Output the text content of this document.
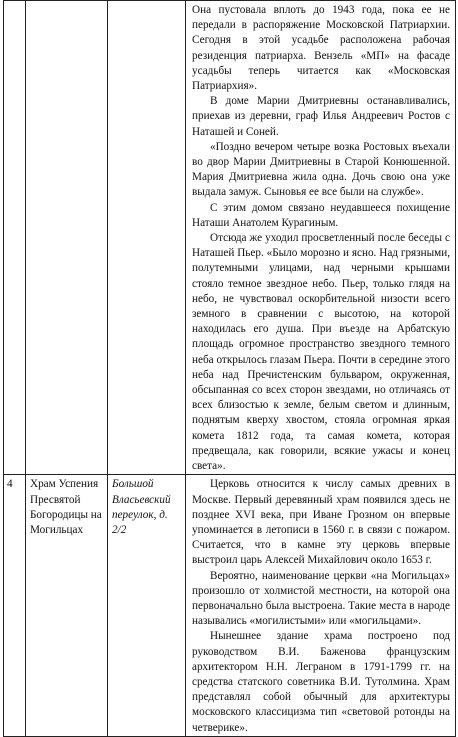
			Она пустовала вплоть до 1943 года, пока ее не передали в распоряжение Московской Патриархии. Сегодня в этой усадьбе расположена рабочая резиденция патриарха. Вензель «МП» на фасаде усадьбы теперь читается как «Московская Патриархия».

В доме Марии Дмитриевны останавливались, приехав из деревни, граф Илья Андреевич Ростов с Наташей и Соней.

«Поздно вечером четыре возка Ростовых въехали во двор Марии Дмитриевны в Старой Конюшенной. Мария Дмитриевна жила одна. Дочь свою она уже выдала замуж. Сыновья ее все были на службе».

С этим домом связано неудавшееся похищение Наташи Анатолем Курагиным.

Отсюда же уходил просветленный после беседы с Наташей Пьер. «Было морозно и ясно. Над грязными, полутемными улицами, над черными крышами стояло темное звездное небо. Пьер, только глядя на небо, не чувствовал оскорбительной низости всего земного в сравнении с высотою, на которой находилась его душа. При въезде на Арбатскую площадь огромное пространство звездного темного неба открылось глазам Пьера. Почти в середине этого неба над Пречистенским бульваром, окруженная, обсыпанная со всех сторон звездами, но отличаясь от всех близостью к земле, белым светом и длинным, поднятым кверху хвостом, стояла огромная яркая комета 1812 года, та самая комета, которая предвещала, как говорили, всякие ужасы и конец света».

4	Храм Успения Пресвятой Богородицы на Могильцах	Большой Власьевский переулок, д. 2/2	Церковь относится к числу самых древних в Москве. Первый деревянный храм появился здесь не позднее XVI века, при Иване Грозном он впервые упоминается в летописи в 1560 г. в связи с пожаром. Считается, что в камне эту церковь впервые выстроил царь Алексей Михайлович около 1653 г.

Вероятно, наименование церкви «на Могильцах» произошло от холмистой местности, на которой она первоначально была выстроена. Такие места в народе назывались «могилистыми» или «могильцами».

Нынешнее здание храма построено под руководством В.И. Баженова французским архитектором Н.Н. Леграном в 1791-1799 гг. на средства статского советника В.И. Тутолмина. Храм представлял собой обычный для архитектуры московского классицизма тип «световой ротонды на четверике».
